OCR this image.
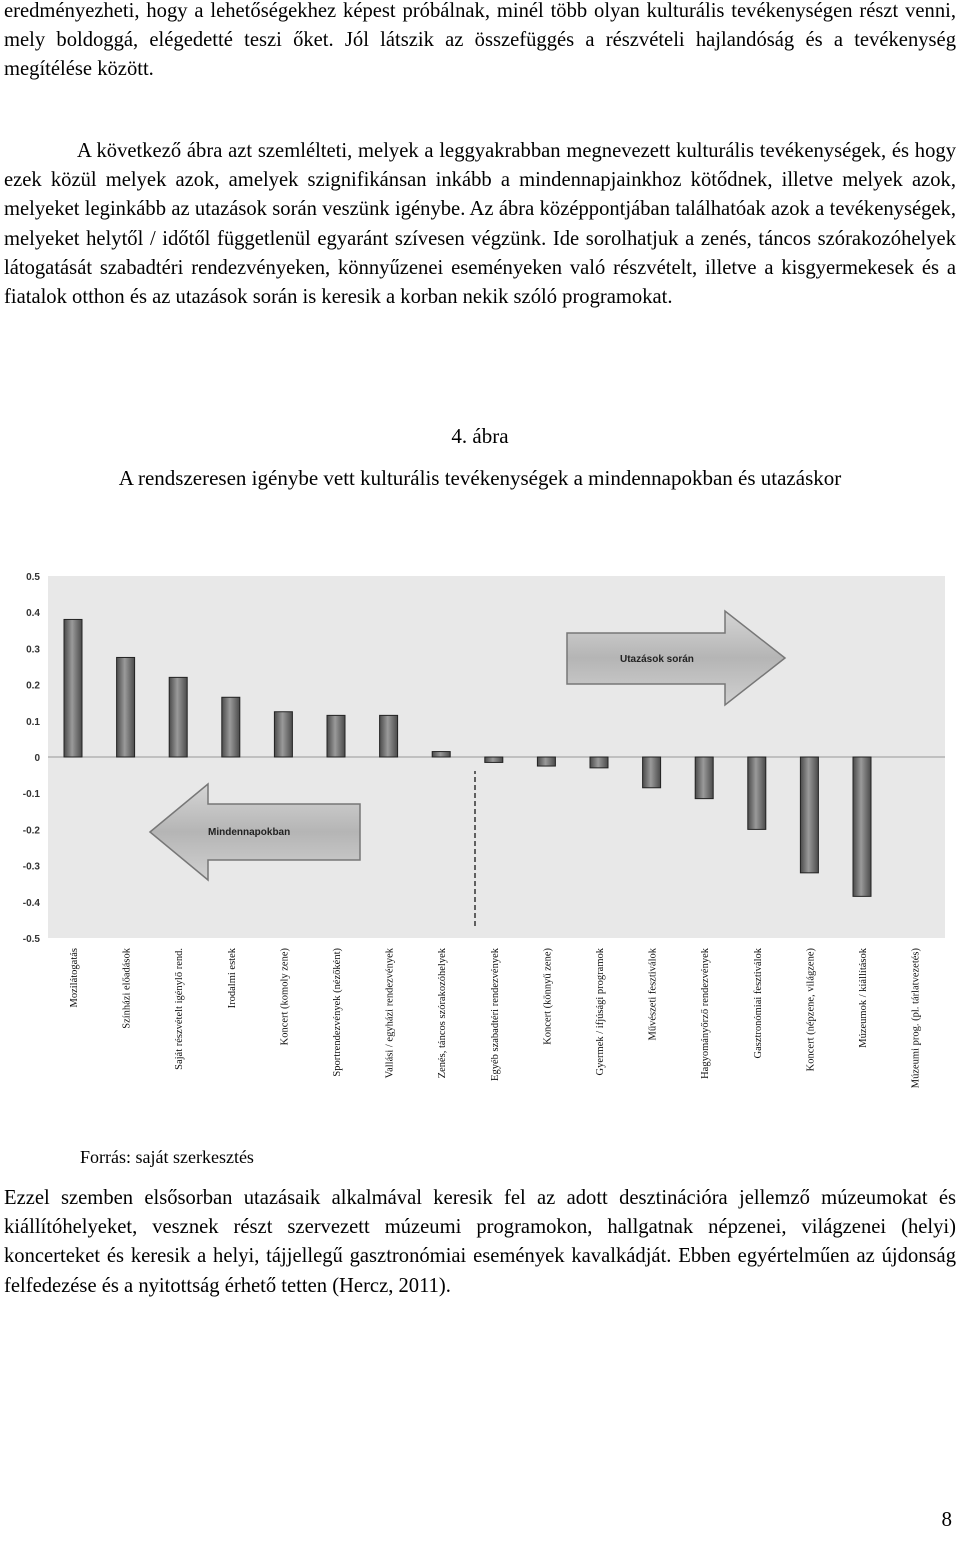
eredményezheti, hogy a lehetőségekhez képest próbálnak, minél több olyan kulturális tevékenységen részt venni, mely boldoggá, elégedetté teszi őket. Jól látszik az összefüggés a részvételi hajlandóság és a tevékenység megítélése között.

A következő ábra azt szemlélteti, melyek a leggyakrabban megnevezett kulturális tevékenységek, és hogy ezek közül melyek azok, amelyek szignifikánsan inkább a mindennapjainkhoz kötődnek, illetve melyek azok, melyeket leginkább az utazások során veszünk igénybe. Az ábra középpontjában találhatóak azok a tevékenységek, melyeket helytől / időtől függetlenül egyaránt szívesen végzünk. Ide sorolhatjuk a zenés, táncos szórakozóhelyek látogatását szabadtéri rendezvényeken, könnyűzenei eseményeken való részvételt, illetve a kisgyermekesek és a fiatalok otthon és az utazások során is keresik a korban nekik szóló programokat.

4. ábra
A rendszeresen igénybe vett kulturális tevékenységek a mindennapokban és utazáskor
0.5
0.4
0.3
0.2
0.1
0
-0.1
-0.2
-0.3
-0.4
-0.5
Utazások során
Mindennapokban
Mozilátogatás	Színházi előadások	Saját részvételt igénylő rend.	Irodalmi estek	Koncert (komoly zene)	Sportrendezvények (nézőként)	Vallási / egyházi rendezvények	Zenés, táncos szórakozóhelyek	Egyéb szabadtéri rendezvények	Koncert (könnyű zene)	Gyermek / ifjúsági programok	Művészeti fesztiválok	Hagyományőrző rendezvények	Gasztronómiai fesztiválok	Koncert (népzene, világzene)	Múzeumok / kiállítások	Múzeumi prog. (pl. tárlatvezetés)
Forrás: saját szerkesztés

Ezzel szemben elsősorban utazásaik alkalmával keresik fel az adott desztinációra jellemző múzeumokat és kiállítóhelyeket, vesznek részt szervezett múzeumi programokon, hallgatnak népzenei, világzenei (helyi) koncerteket és keresik a helyi, tájjellegű gasztronómiai események kavalkádját. Ebben egyértelműen az újdonság felfedezése és a nyitottság érhető tetten (Hercz, 2011).

8
